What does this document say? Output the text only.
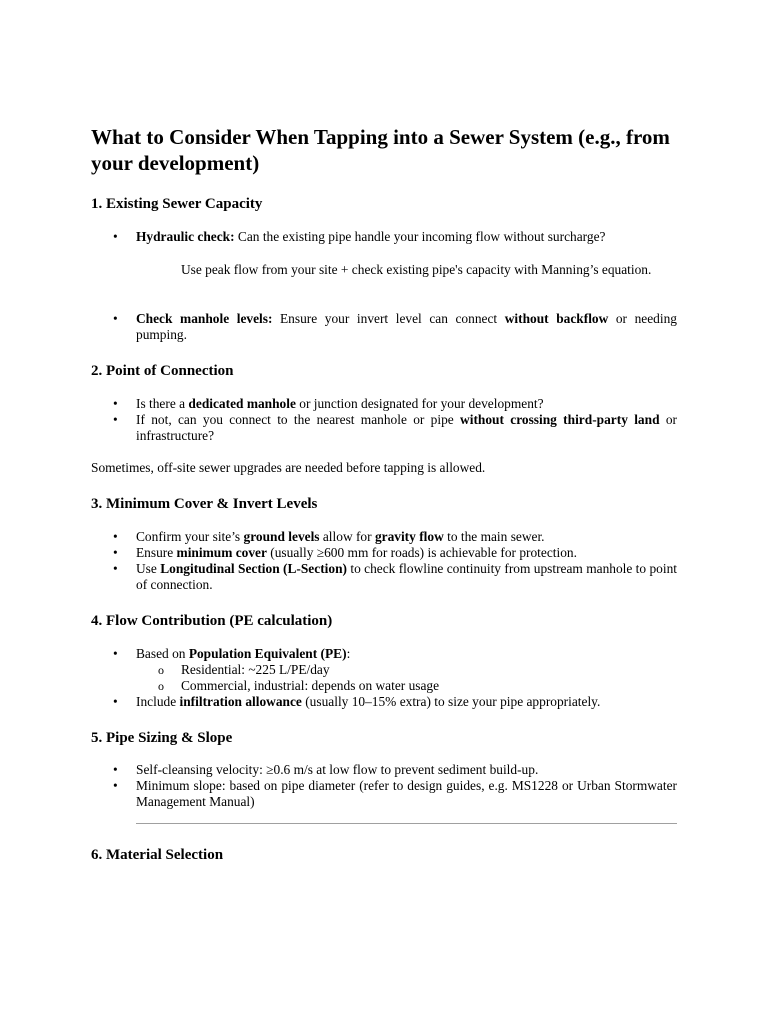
What to Consider When Tapping into a Sewer System (e.g., from your development)
1. Existing Sewer Capacity
• Hydraulic check: Can the existing pipe handle your incoming flow without surcharge?

Use peak flow from your site + check existing pipe's capacity with Manning’s equation.

• Check manhole levels: Ensure your invert level can connect without backflow or needing pumping.
2. Point of Connection
• Is there a dedicated manhole or junction designated for your development?
• If not, can you connect to the nearest manhole or pipe without crossing third-party land or infrastructure?

Sometimes, off-site sewer upgrades are needed before tapping is allowed.

3. Minimum Cover & Invert Levels
• Confirm your site’s ground levels allow for gravity flow to the main sewer.
• Ensure minimum cover (usually ≥600 mm for roads) is achievable for protection.
• Use Longitudinal Section (L-Section) to check flowline continuity from upstream manhole to point of connection.
4. Flow Contribution (PE calculation)
• Based on Population Equivalent (PE):
o Residential: ~225 L/PE/day
o Commercial, industrial: depends on water usage
• Include infiltration allowance (usually 10–15% extra) to size your pipe appropriately.
5. Pipe Sizing & Slope
• Self-cleansing velocity: ≥0.6 m/s at low flow to prevent sediment build-up.
• Minimum slope: based on pipe diameter (refer to design guides, e.g. MS1228 or Urban Stormwater Management Manual)
6. Material Selection
